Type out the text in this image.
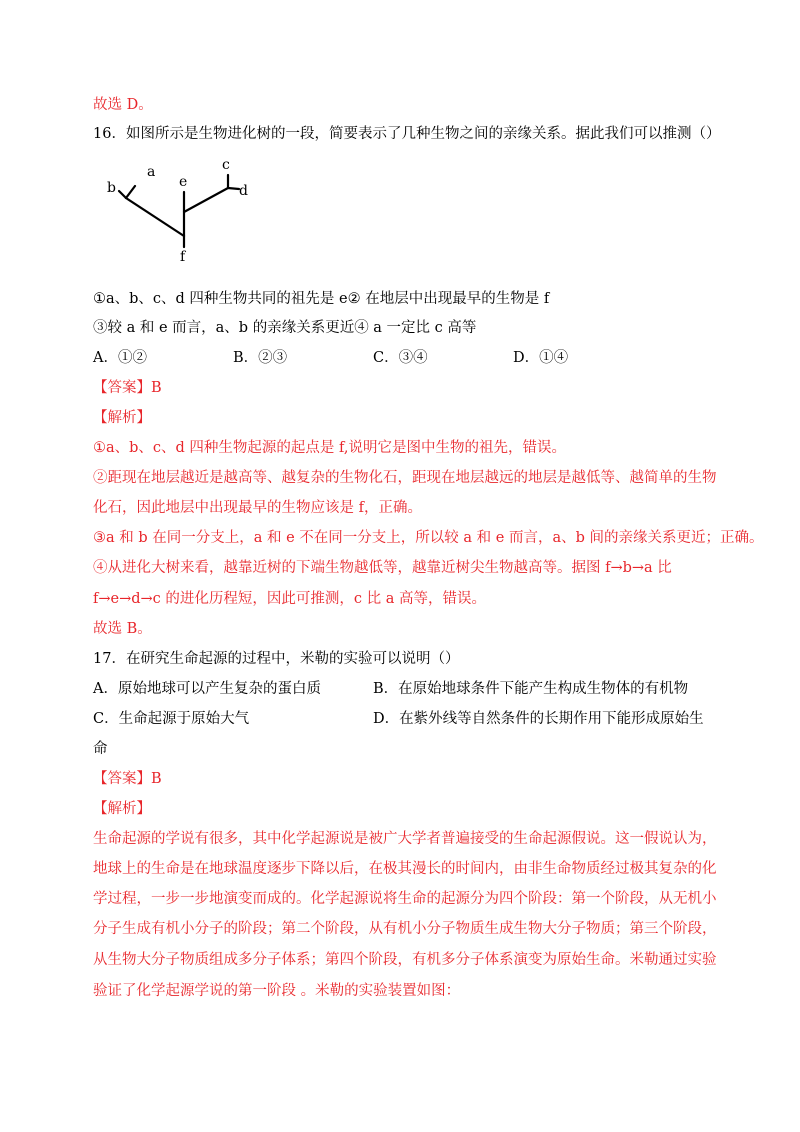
故选 D。
16．如图所示是生物进化树的一段，简要表示了几种生物之间的亲缘关系。据此我们可以推测（）
b
a
e
c
d
f
①a、b、c、d 四种生物共同的祖先是 e② 在地层中出现最早的生物是 f
③较 a 和 e 而言，a、b 的亲缘关系更近④ a 一定比 c 高等
A．①②	B．②③	C．③④	D．①④
【答案】B
【解析】
①a、b、c、d 四种生物起源的起点是 f,说明它是图中生物的祖先，错误。
②距现在地层越近是越高等、越复杂的生物化石，距现在地层越远的地层是越低等、越简单的生物
化石，因此地层中出现最早的生物应该是 f，正确。
③a 和 b 在同一分支上，a 和 e 不在同一分支上，所以较 a 和 e 而言，a、b 间的亲缘关系更近；正确。
④从进化大树来看，越靠近树的下端生物越低等，越靠近树尖生物越高等。据图 f→b→a 比
f→e→d→c 的进化历程短，因此可推测，c 比 a 高等，错误。
故选 B。
17．在研究生命起源的过程中，米勒的实验可以说明（）
A．原始地球可以产生复杂的蛋白质	B．在原始地球条件下能产生构成生物体的有机物
C．生命起源于原始大气	D．在紫外线等自然条件的长期作用下能形成原始生
命
【答案】B
【解析】
生命起源的学说有很多，其中化学起源说是被广大学者普遍接受的生命起源假说。这一假说认为，
地球上的生命是在地球温度逐步下降以后，在极其漫长的时间内，由非生命物质经过极其复杂的化
学过程，一步一步地演变而成的。化学起源说将生命的起源分为四个阶段：第一个阶段，从无机小
分子生成有机小分子的阶段；第二个阶段，从有机小分子物质生成生物大分子物质；第三个阶段，
从生物大分子物质组成多分子体系；第四个阶段，有机多分子体系演变为原始生命。米勒通过实验
验证了化学起源学说的第一阶段 。米勒的实验装置如图：
